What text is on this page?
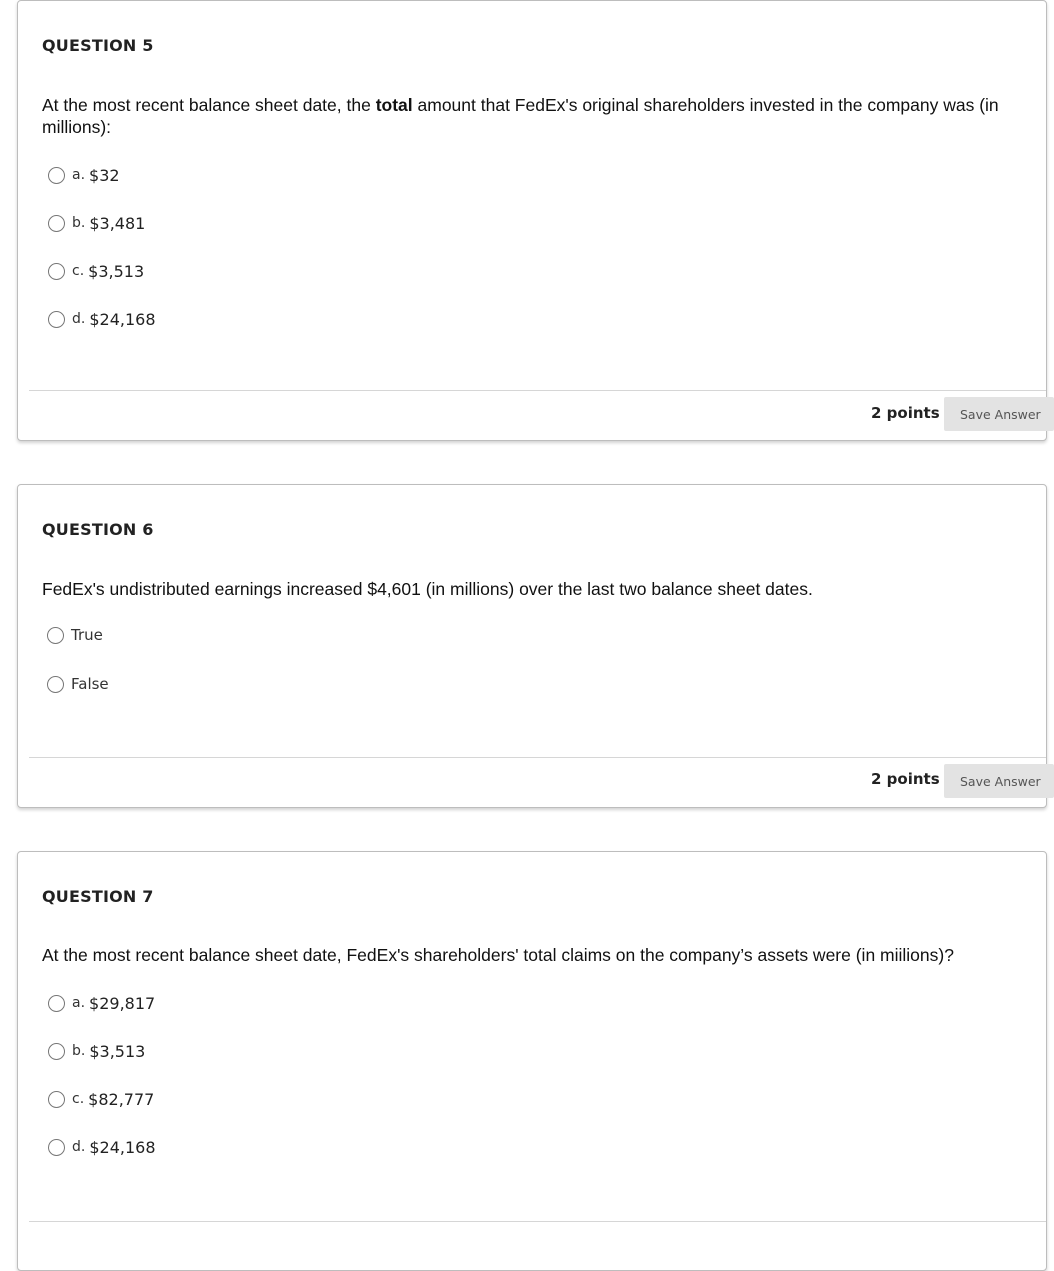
QUESTION 5
At the most recent balance sheet date, the total amount that FedEx's original shareholders invested in the company was (in millions):
a. $32
b. $3,481
c. $3,513
d. $24,168
2 points	Save Answer
QUESTION 6
FedEx's undistributed earnings increased $4,601 (in millions) over the last two balance sheet dates.
True
False
2 points	Save Answer
QUESTION 7
At the most recent balance sheet date, FedEx's shareholders' total claims on the company’s assets were (in miilions)?
a. $29,817
b. $3,513
c. $82,777
d. $24,168
